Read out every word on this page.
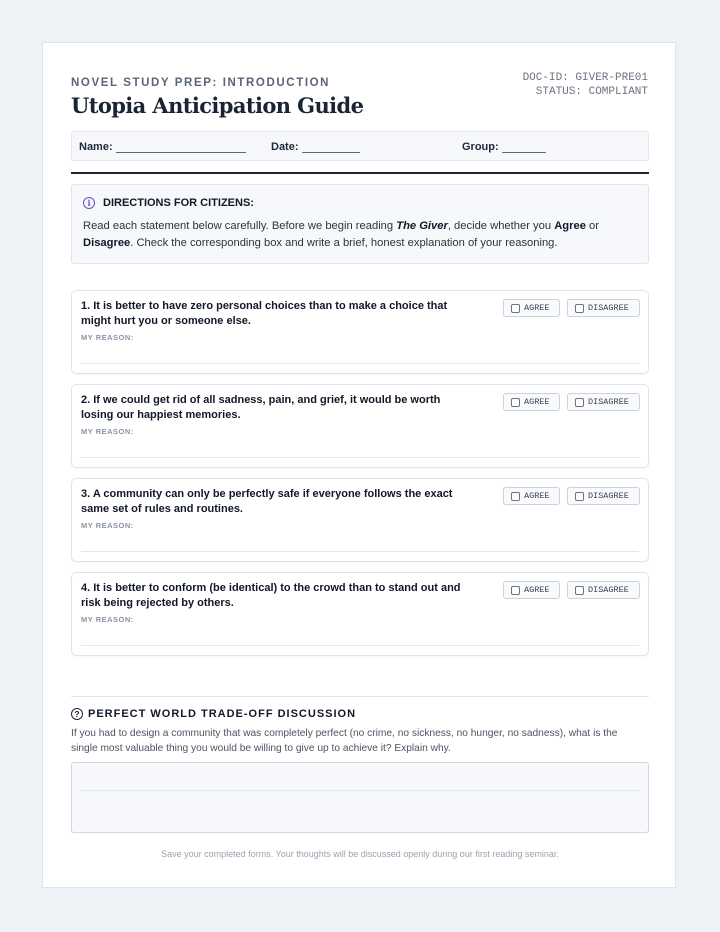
NOVEL STUDY PREP: INTRODUCTION
Utopia Anticipation Guide
DOC-ID: GIVER-PRE01
STATUS: COMPLIANT
Name:	Date:	Group:
i	DIRECTIONS FOR CITIZENS:
Read each statement below carefully. Before we begin reading The Giver, decide whether you Agree or Disagree. Check the corresponding box and write a brief, honest explanation of your reasoning.
1. It is better to have zero personal choices than to make a choice that might hurt you or someone else.
AGREE	DISAGREE
MY REASON:
2. If we could get rid of all sadness, pain, and grief, it would be worth losing our happiest memories.
AGREE	DISAGREE
MY REASON:
3. A community can only be perfectly safe if everyone follows the exact same set of rules and routines.
AGREE	DISAGREE
MY REASON:
4. It is better to conform (be identical) to the crowd than to stand out and risk being rejected by others.
AGREE	DISAGREE
MY REASON:
? PERFECT WORLD TRADE-OFF DISCUSSION
If you had to design a community that was completely perfect (no crime, no sickness, no hunger, no sadness), what is the single most valuable thing you would be willing to give up to achieve it? Explain why.
Save your completed forms. Your thoughts will be discussed openly during our first reading seminar.
